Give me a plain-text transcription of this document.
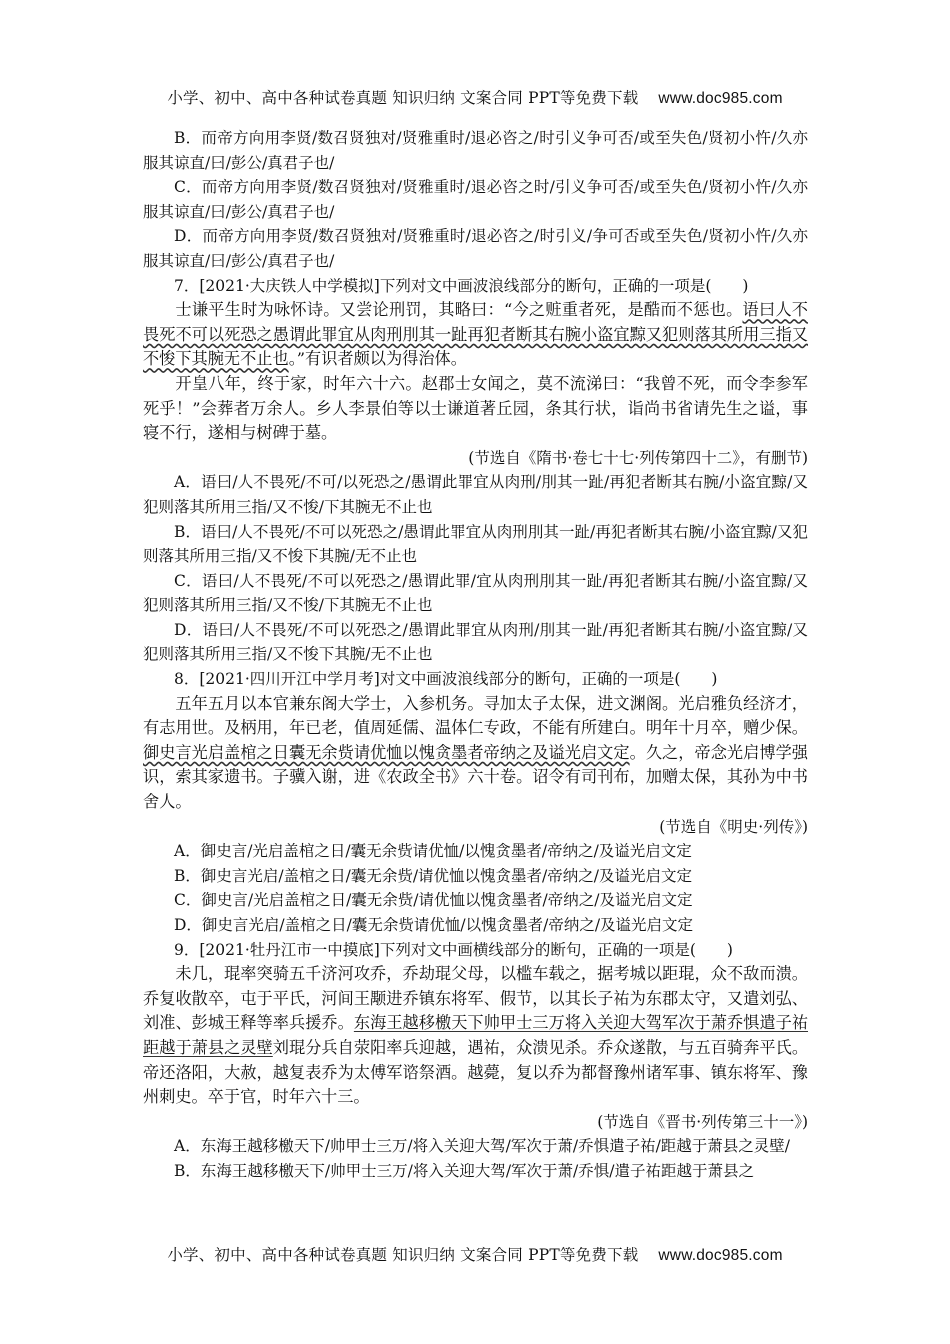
小学、初中、高中各种试卷真题 知识归纳 文案合同 PPT等免费下载 www.doc985.com

B．而帝方向用李贤/数召贤独对/贤雅重时/退必咨之/时引义争可否/或至失色/贤初小忤/久亦服其谅直/曰/彭公/真君子也/

C．而帝方向用李贤/数召贤独对/贤雅重时/退必咨之时/引义争可否/或至失色/贤初小忤/久亦服其谅直/曰/彭公/真君子也/

D．而帝方向用李贤/数召贤独对/贤雅重时/退必咨之/时引义/争可否或至失色/贤初小忤/久亦服其谅直/曰/彭公/真君子也/

7．[2021·大庆铁人中学模拟]下列对文中画波浪线部分的断句，正确的一项是(　　)

士谦平生时为咏怀诗。又尝论刑罚，其略曰：“今之赃重者死，是酷而不惩也。语曰人不畏死不可以死恐之愚谓此罪宜从肉刑刖其一趾再犯者断其右腕小盗宜黥又犯则落其所用三指又不悛下其腕无不止也。”有识者颇以为得治体。

开皇八年，终于家，时年六十六。赵郡士女闻之，莫不流涕曰：“我曾不死，而令李参军死乎！”会葬者万余人。乡人李景伯等以士谦道著丘园，条其行状，诣尚书省请先生之谥，事寝不行，遂相与树碑于墓。

(节选自《隋书·卷七十七·列传第四十二》，有删节)

A．语曰/人不畏死/不可/以死恐之/愚谓此罪宜从肉刑/刖其一趾/再犯者断其右腕/小盗宜黥/又犯则落其所用三指/又不悛/下其腕无不止也

B．语曰/人不畏死/不可以死恐之/愚谓此罪宜从肉刑刖其一趾/再犯者断其右腕/小盗宜黥/又犯则落其所用三指/又不悛下其腕/无不止也

C．语曰/人不畏死/不可以死恐之/愚谓此罪/宜从肉刑刖其一趾/再犯者断其右腕/小盗宜黥/又犯则落其所用三指/又不悛/下其腕无不止也

D．语曰/人不畏死/不可以死恐之/愚谓此罪宜从肉刑/刖其一趾/再犯者断其右腕/小盗宜黥/又犯则落其所用三指/又不悛下其腕/无不止也

8．[2021·四川开江中学月考]对文中画波浪线部分的断句，正确的一项是(　　)

五年五月以本官兼东阁大学士，入参机务。寻加太子太保，进文渊阁。光启雅负经济才，有志用世。及柄用，年已老，值周延儒、温体仁专政，不能有所建白。明年十月卒，赠少保。御史言光启盖棺之日囊无余赀请优恤以愧贪墨者帝纳之及谥光启文定。久之，帝念光启博学强识，索其家遗书。子骥入谢，进《农政全书》六十卷。诏令有司刊布，加赠太保，其孙为中书舍人。

(节选自《明史·列传》)

A．御史言/光启盖棺之日/囊无余赀请优恤/以愧贪墨者/帝纳之/及谥光启文定

B．御史言光启/盖棺之日/囊无余赀/请优恤以愧贪墨者/帝纳之/及谥光启文定

C．御史言/光启盖棺之日/囊无余赀/请优恤以愧贪墨者/帝纳之/及谥光启文定

D．御史言光启/盖棺之日/囊无余赀请优恤/以愧贪墨者/帝纳之/及谥光启文定

9．[2021·牡丹江市一中摸底]下列对文中画横线部分的断句，正确的一项是(　　)

未几，琨率突骑五千济河攻乔，乔劫琨父母，以槛车载之，据考城以距琨，众不敌而溃。乔复收散卒，屯于平氏，河间王颙进乔镇东将军、假节，以其长子祐为东郡太守，又遣刘弘、刘准、彭城王释等率兵援乔。东海王越移檄天下帅甲士三万将入关迎大驾军次于萧乔惧遣子祐距越于萧县之灵壁刘琨分兵自荥阳率兵迎越，遇祐，众溃见杀。乔众遂散，与五百骑奔平氏。帝还洛阳，大赦，越复表乔为太傅军谘祭酒。越薨，复以乔为都督豫州诸军事、镇东将军、豫州刺史。卒于官，时年六十三。

(节选自《晋书·列传第三十一》)

A．东海王越移檄天下/帅甲士三万/将入关迎大驾/军次于萧/乔惧遣子祐/距越于萧县之灵壁/

B．东海王越移檄天下/帅甲士三万/将入关迎大驾/军次于萧/乔惧/遣子祐距越于萧县之

小学、初中、高中各种试卷真题 知识归纳 文案合同 PPT等免费下载 www.doc985.com
